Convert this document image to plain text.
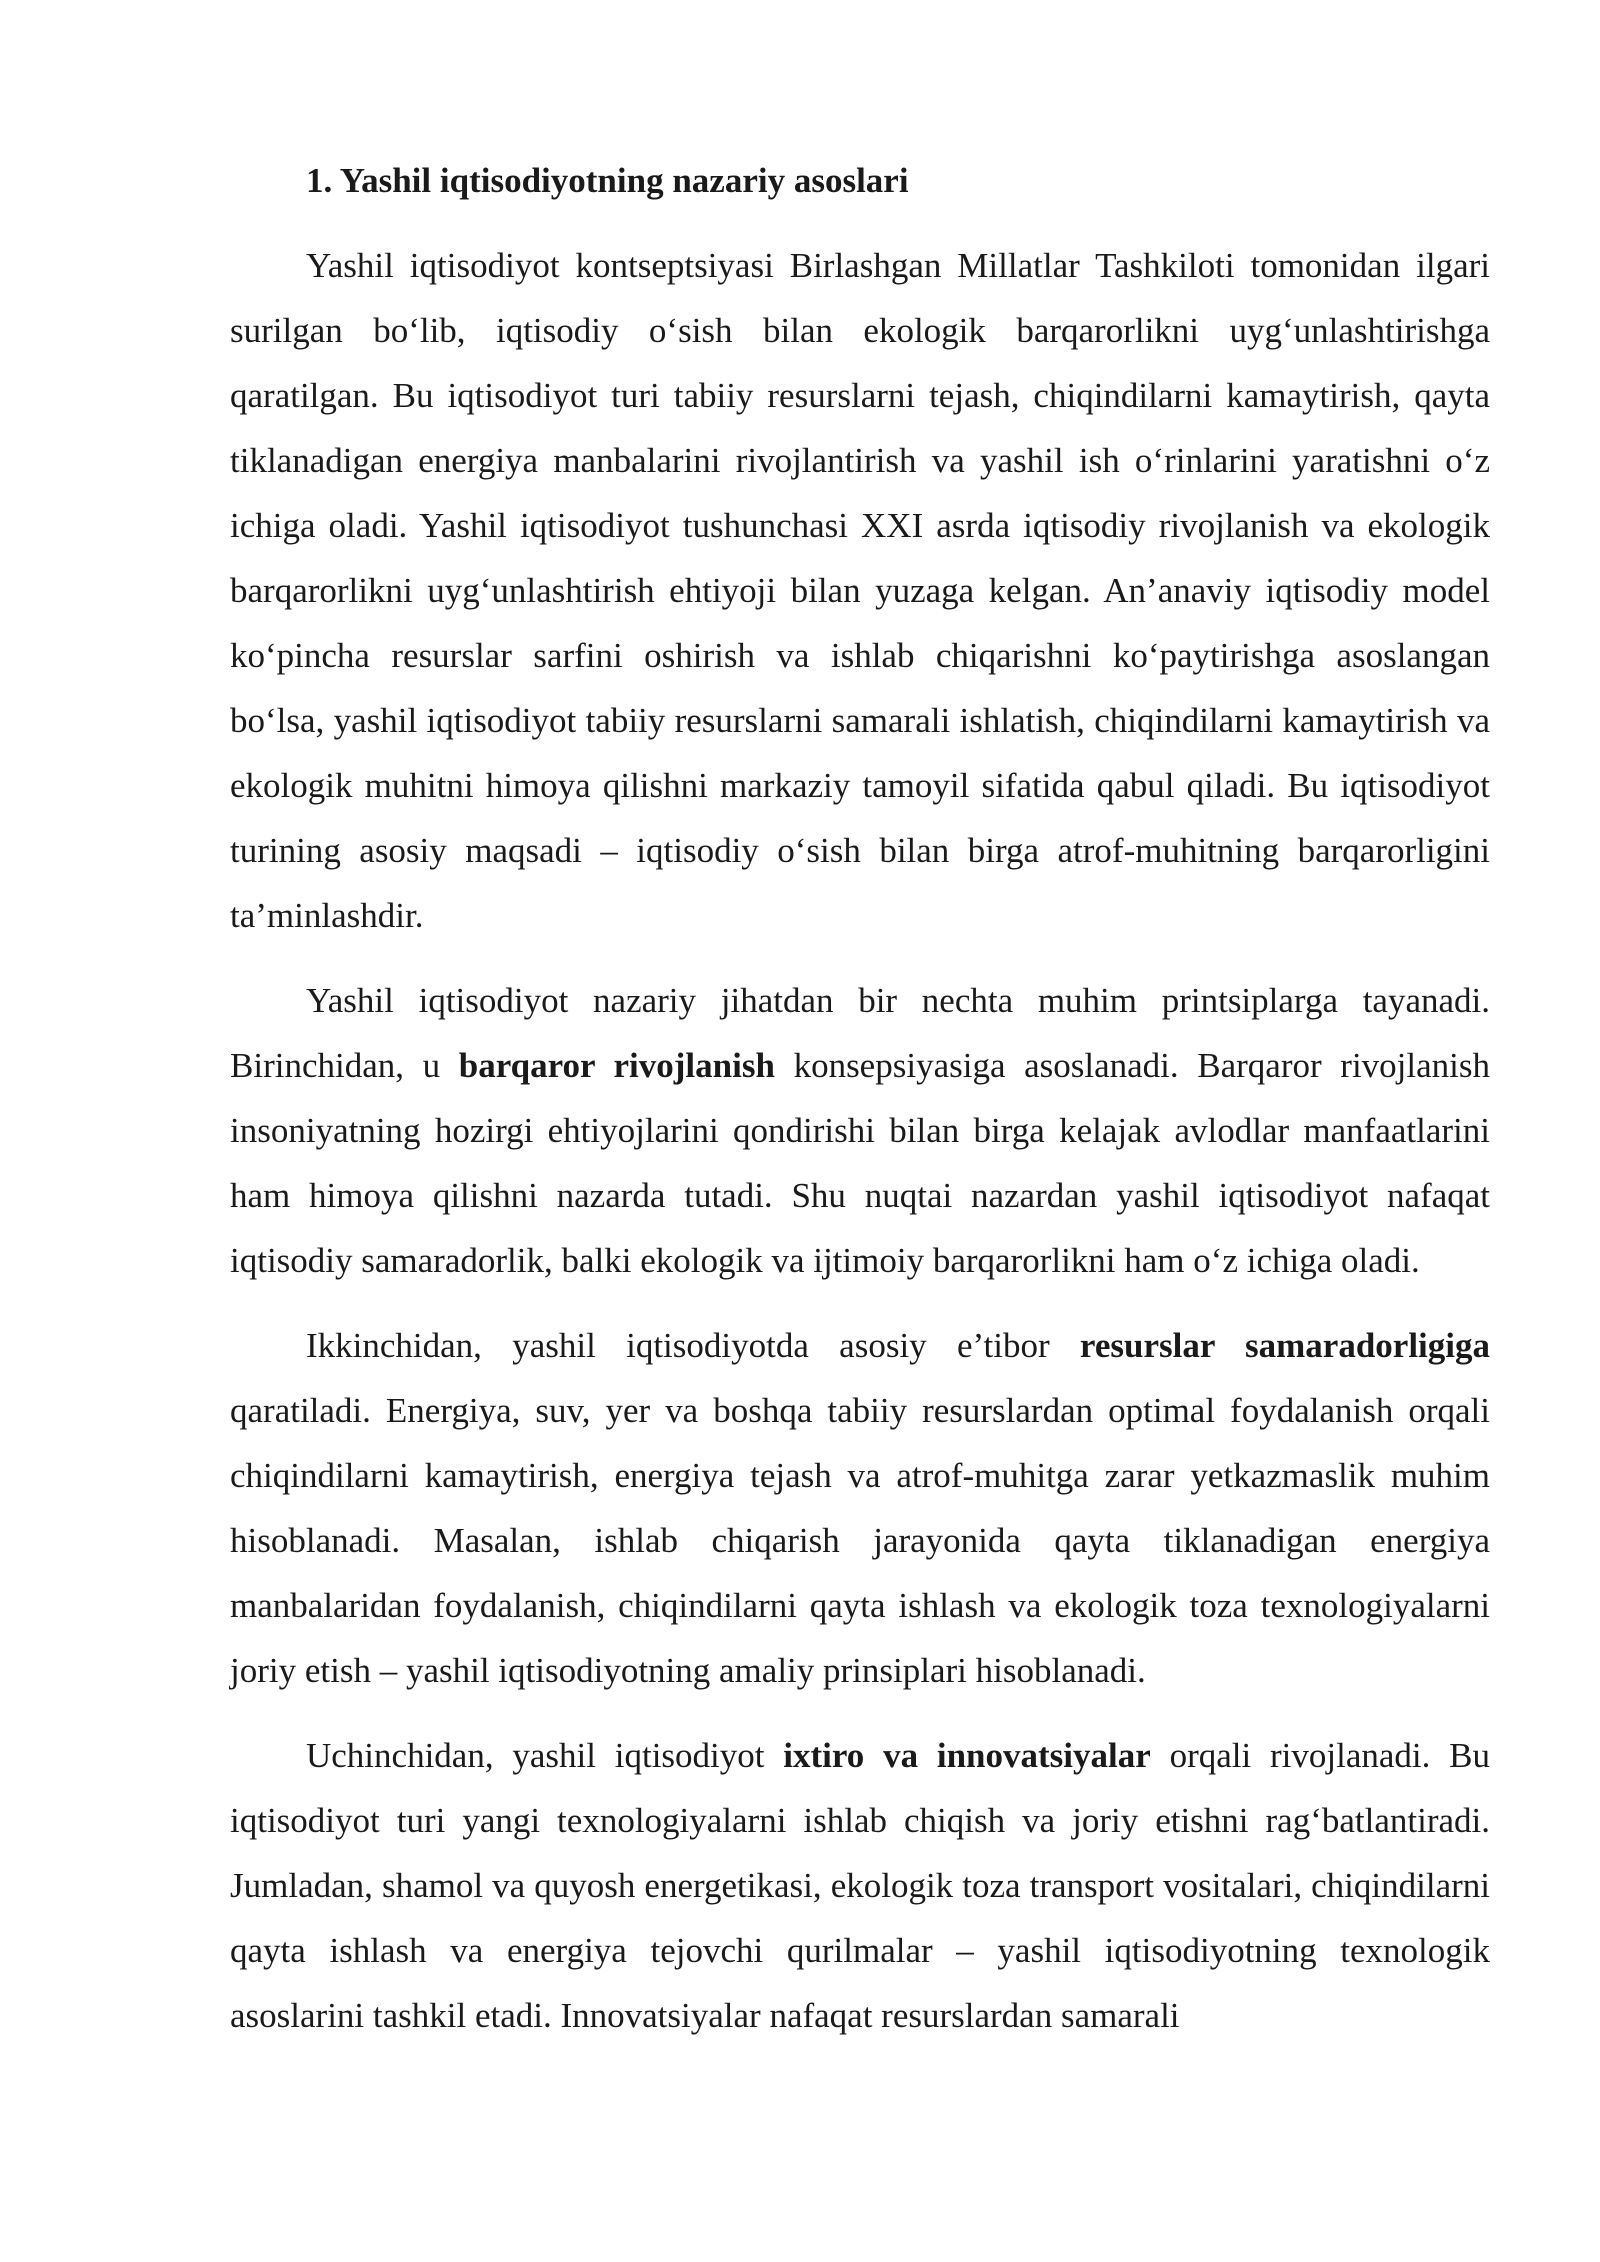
1. Yashil iqtisodiyotning nazariy asoslari

Yashil iqtisodiyot kontseptsiyasi Birlashgan Millatlar Tashkiloti tomonidan ilgari surilgan bo‘lib, iqtisodiy o‘sish bilan ekologik barqarorlikni uyg‘unlashtirishga qaratilgan. Bu iqtisodiyot turi tabiiy resurslarni tejash, chiqindilarni kamaytirish, qayta tiklanadigan energiya manbalarini rivojlantirish va yashil ish o‘rinlarini yaratishni o‘z ichiga oladi. Yashil iqtisodiyot tushunchasi XXI asrda iqtisodiy rivojlanish va ekologik barqarorlikni uyg‘unlashtirish ehtiyoji bilan yuzaga kelgan. An’anaviy iqtisodiy model ko‘pincha resurslar sarfini oshirish va ishlab chiqarishni ko‘paytirishga asoslangan bo‘lsa, yashil iqtisodiyot tabiiy resurslarni samarali ishlatish, chiqindilarni kamaytirish va ekologik muhitni himoya qilishni markaziy tamoyil sifatida qabul qiladi. Bu iqtisodiyot turining asosiy maqsadi – iqtisodiy o‘sish bilan birga atrof-muhitning barqarorligini ta’minlashdir.

Yashil iqtisodiyot nazariy jihatdan bir nechta muhim printsiplarga tayanadi. Birinchidan, u barqaror rivojlanish konsepsiyasiga asoslanadi. Barqaror rivojlanish insoniyatning hozirgi ehtiyojlarini qondirishi bilan birga kelajak avlodlar manfaatlarini ham himoya qilishni nazarda tutadi. Shu nuqtai nazardan yashil iqtisodiyot nafaqat iqtisodiy samaradorlik, balki ekologik va ijtimoiy barqarorlikni ham o‘z ichiga oladi.

Ikkinchidan, yashil iqtisodiyotda asosiy e’tibor resurslar samaradorligiga qaratiladi. Energiya, suv, yer va boshqa tabiiy resurslardan optimal foydalanish orqali chiqindilarni kamaytirish, energiya tejash va atrof-muhitga zarar yetkazmaslik muhim hisoblanadi. Masalan, ishlab chiqarish jarayonida qayta tiklanadigan energiya manbalaridan foydalanish, chiqindilarni qayta ishlash va ekologik toza texnologiyalarni joriy etish – yashil iqtisodiyotning amaliy prinsiplari hisoblanadi.

Uchinchidan, yashil iqtisodiyot ixtiro va innovatsiyalar orqali rivojlanadi. Bu iqtisodiyot turi yangi texnologiyalarni ishlab chiqish va joriy etishni rag‘batlantiradi. Jumladan, shamol va quyosh energetikasi, ekologik toza transport vositalari, chiqindilarni qayta ishlash va energiya tejovchi qurilmalar – yashil iqtisodiyotning texnologik asoslarini tashkil etadi. Innovatsiyalar nafaqat resurslardan samarali
